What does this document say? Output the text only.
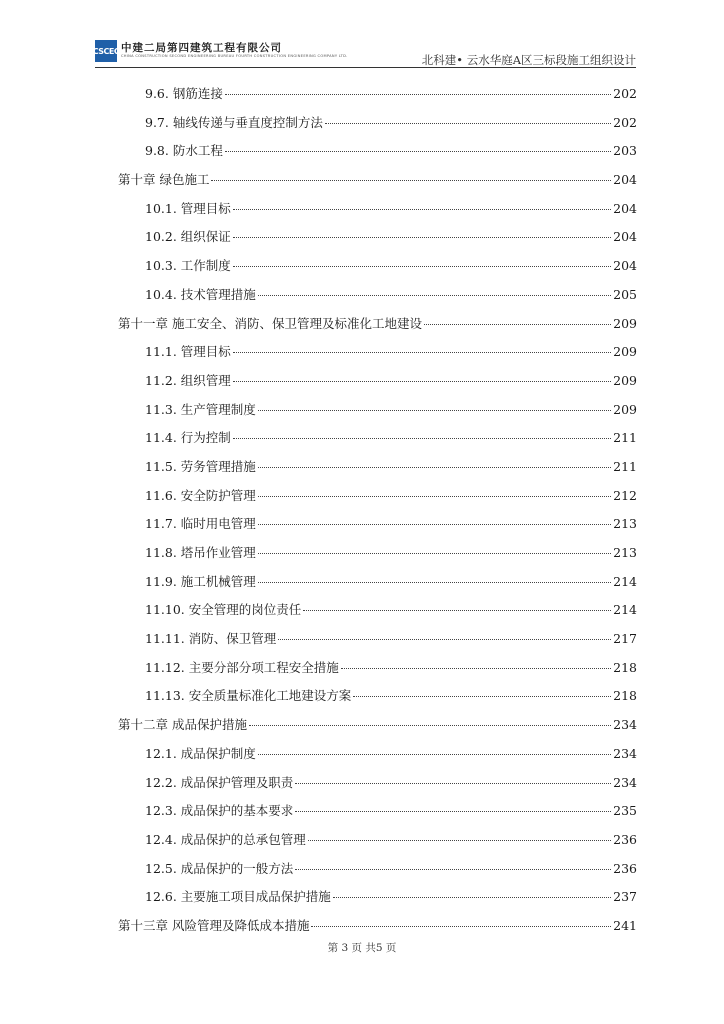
CSCEC 中建二局第四建筑工程有限公司
CHINA CONSTRUCTION SECOND ENGINEERING BUREAU FOURTH CONSTRUCTION ENGINEERING COMPANY LTD.	北科建• 云水华庭A区三标段施工组织设计
9.6. 钢筋连接	202
9.7. 轴线传递与垂直度控制方法	202
9.8. 防水工程	203
第十章 绿色施工	204
10.1. 管理目标	204
10.2. 组织保证	204
10.3. 工作制度	204
10.4. 技术管理措施	205
第十一章 施工安全、消防、保卫管理及标准化工地建设	209
11.1. 管理目标	209
11.2. 组织管理	209
11.3. 生产管理制度	209
11.4. 行为控制	211
11.5. 劳务管理措施	211
11.6. 安全防护管理	212
11.7. 临时用电管理	213
11.8. 塔吊作业管理	213
11.9. 施工机械管理	214
11.10. 安全管理的岗位责任	214
11.11. 消防、保卫管理	217
11.12. 主要分部分项工程安全措施	218
11.13. 安全质量标准化工地建设方案	218
第十二章 成品保护措施	234
12.1. 成品保护制度	234
12.2. 成品保护管理及职责	234
12.3. 成品保护的基本要求	235
12.4. 成品保护的总承包管理	236
12.5. 成品保护的一般方法	236
12.6. 主要施工项目成品保护措施	237
第十三章 风险管理及降低成本措施	241
第 3 页 共5 页
